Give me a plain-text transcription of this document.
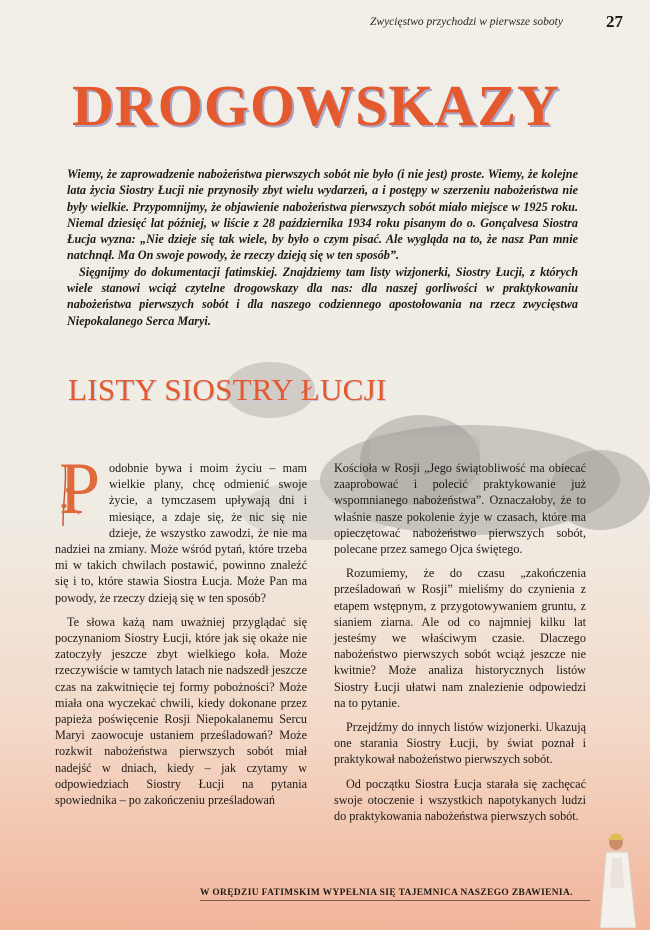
Zwycięstwo przychodzi w pierwsze soboty	27
DROGOWSKAZY

Wiemy, że zaprowadzenie nabożeństwa pierwszych sobót nie było (i nie jest) proste. Wiemy, że kolejne lata życia Siostry Łucji nie przynosiły zbyt wielu wydarzeń, a i postępy w szerzeniu nabożeństwa nie były wielkie. Przypomnijmy, że objawienie nabożeństwa pierwszych sobót miało miejsce w 1925 roku. Niemal dziesięć lat później, w liście z 28 października 1934 roku pisanym do o. Gonçalvesa Siostra Łucja wyzna: „Nie dzieje się tak wiele, by było o czym pisać. Ale wygląda na to, że nasz Pan mnie natchnął. Ma On swoje powody, że rzeczy dzieją się w ten sposób”.

Sięgnijmy do dokumentacji fatimskiej. Znajdziemy tam listy wizjonerki, Siostry Łucji, z których wiele stanowi wciąż czytelne drogowskazy dla nas: dla naszej gorliwości w praktykowaniu nabożeństwa pierwszych sobót i dla naszego codziennego apostołowania na rzecz zwycięstwa Niepokalanego Serca Maryi.

LISTY SIOSTRY ŁUCJI

P odobnie bywa i moim życiu – mam wielkie plany, chcę odmienić swoje życie, a tymczasem upływają dni i miesiące, a zdaje się, że nic się nie dzieje, że wszystko zawodzi, że nie ma nadziei na zmiany. Może wśród pytań, które trzeba mi w takich chwilach postawić, powinno znaleźć się i to, które stawia Siostra Łucja. Może Pan ma powody, że rzeczy dzieją się w ten sposób?

Te słowa każą nam uważniej przyglądać się poczynaniom Siostry Łucji, które jak się okaże nie zatoczyły jeszcze zbyt wielkiego koła. Może rzeczywiście w tamtych latach nie nadszedł jeszcze czas na zakwitnięcie tej formy pobożności? Może miała ona wyczekać chwili, kiedy dokonane przez papieża poświęcenie Rosji Niepokalanemu Sercu Maryi zaowocuje ustaniem prześladowań? Może rozkwit nabożeństwa pierwszych sobót miał nadejść w dniach, kiedy – jak czytamy w odpowiedziach Siostry Łucji na pytania spowiednika – po zakończeniu prześladowań

Kościoła w Rosji „Jego świątobliwość ma obiecać zaaprobować i polecić praktykowanie już wspomnianego nabożeństwa”. Oznaczałoby, że to właśnie nasze pokolenie żyje w czasach, które ma opieczętować nabożeństwo pierwszych sobót, polecane przez samego Ojca świętego.

Rozumiemy, że do czasu „zakończenia prześladowań w Rosji” mieliśmy do czynienia z etapem wstępnym, z przygotowywaniem gruntu, z sianiem ziarna. Ale od co najmniej kilku lat jesteśmy we właściwym czasie. Dlaczego nabożeństwo pierwszych sobót wciąż jeszcze nie kwitnie? Może analiza historycznych listów Siostry Łucji ułatwi nam znalezienie odpowiedzi na to pytanie.

Przejdźmy do innych listów wizjonerki. Ukazują one starania Siostry Łucji, by świat poznał i praktykował nabożeństwo pierwszych sobót.

Od początku Siostra Łucja starała się zachęcać swoje otoczenie i wszystkich napotykanych ludzi do praktykowania nabożeństwa pierwszych sobót.

W ORĘDZIU FATIMSKIM WYPEŁNIA SIĘ TAJEMNICA NASZEGO ZBAWIENIA.
